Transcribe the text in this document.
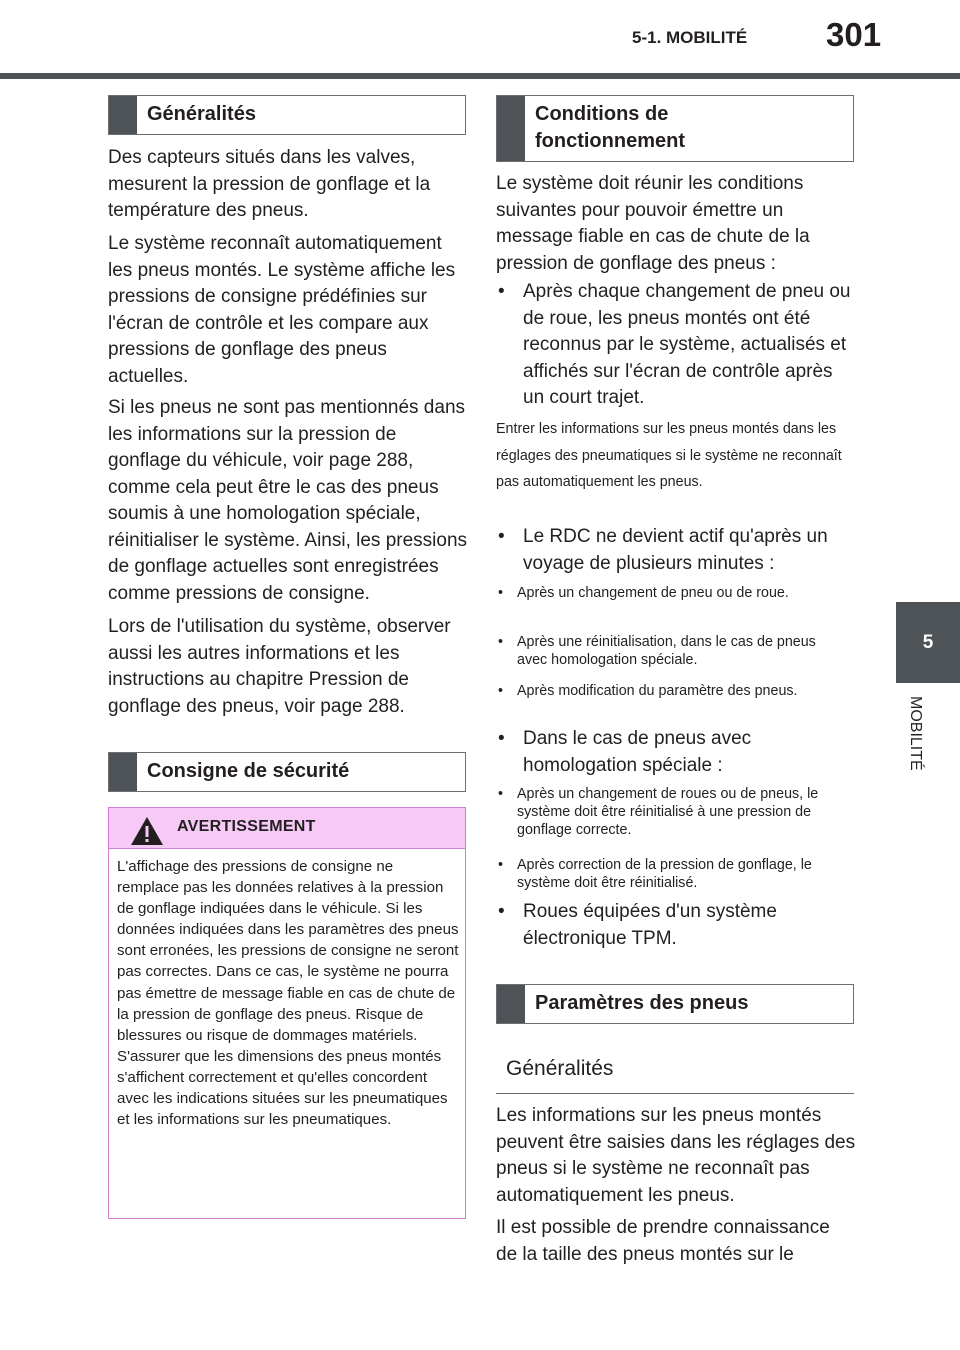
5-1. MOBILITÉ 301
5
MOBILITÉ
Généralités

Des capteurs situés dans les valves, mesurent la pression de gonflage et la température des pneus.

Le système reconnaît automatiquement les pneus montés. Le système affiche les pressions de consigne prédéfinies sur l'écran de contrôle et les compare aux pressions de gonflage des pneus actuelles.

Si les pneus ne sont pas mentionnés dans les informations sur la pression de gonflage du véhicule, voir page 288, comme cela peut être le cas des pneus soumis à une homologation spéciale, réinitialiser le système. Ainsi, les pressions de gonflage actuelles sont enregistrées comme pressions de consigne.

Lors de l'utilisation du système, observer aussi les autres informations et les instructions au chapitre Pression de gonflage des pneus, voir page 288.

Consigne de sécurité
AVERTISSEMENT

L'affichage des pressions de consigne ne remplace pas les données relatives à la pression de gonflage indiquées dans le véhicule. Si les données indiquées dans les paramètres des pneus sont erronées, les pressions de consigne ne seront pas correctes. Dans ce cas, le système ne pourra pas émettre de message fiable en cas de chute de la pression de gonflage des pneus. Risque de blessures ou risque de dommages matériels. S'assurer que les dimensions des pneus montés s'affichent correctement et qu'elles concordent avec les indications situées sur les pneumatiques et les informations sur les pneumatiques.

Conditions de fonctionnement

Le système doit réunir les conditions suivantes pour pouvoir émettre un message fiable en cas de chute de la pression de gonflage des pneus :

• Après chaque changement de pneu ou de roue, les pneus montés ont été reconnus par le système, actualisés et affichés sur l'écran de contrôle après un court trajet.

Entrer les informations sur les pneus montés dans les réglages des pneumatiques si le système ne reconnaît pas automatiquement les pneus.

• Le RDC ne devient actif qu'après un voyage de plusieurs minutes :

• Après un changement de pneu ou de roue.

• Après une réinitialisation, dans le cas de pneus avec homologation spéciale.

• Après modification du paramètre des pneus.

• Dans le cas de pneus avec homologation spéciale :

• Après un changement de roues ou de pneus, le système doit être réinitialisé à une pression de gonflage correcte.

• Après correction de la pression de gonflage, le système doit être réinitialisé.

• Roues équipées d'un système électronique TPM.

Paramètres des pneus
Généralités

Les informations sur les pneus montés peuvent être saisies dans les réglages des pneus si le système ne reconnaît pas automatiquement les pneus.

Il est possible de prendre connaissance de la taille des pneus montés sur le
